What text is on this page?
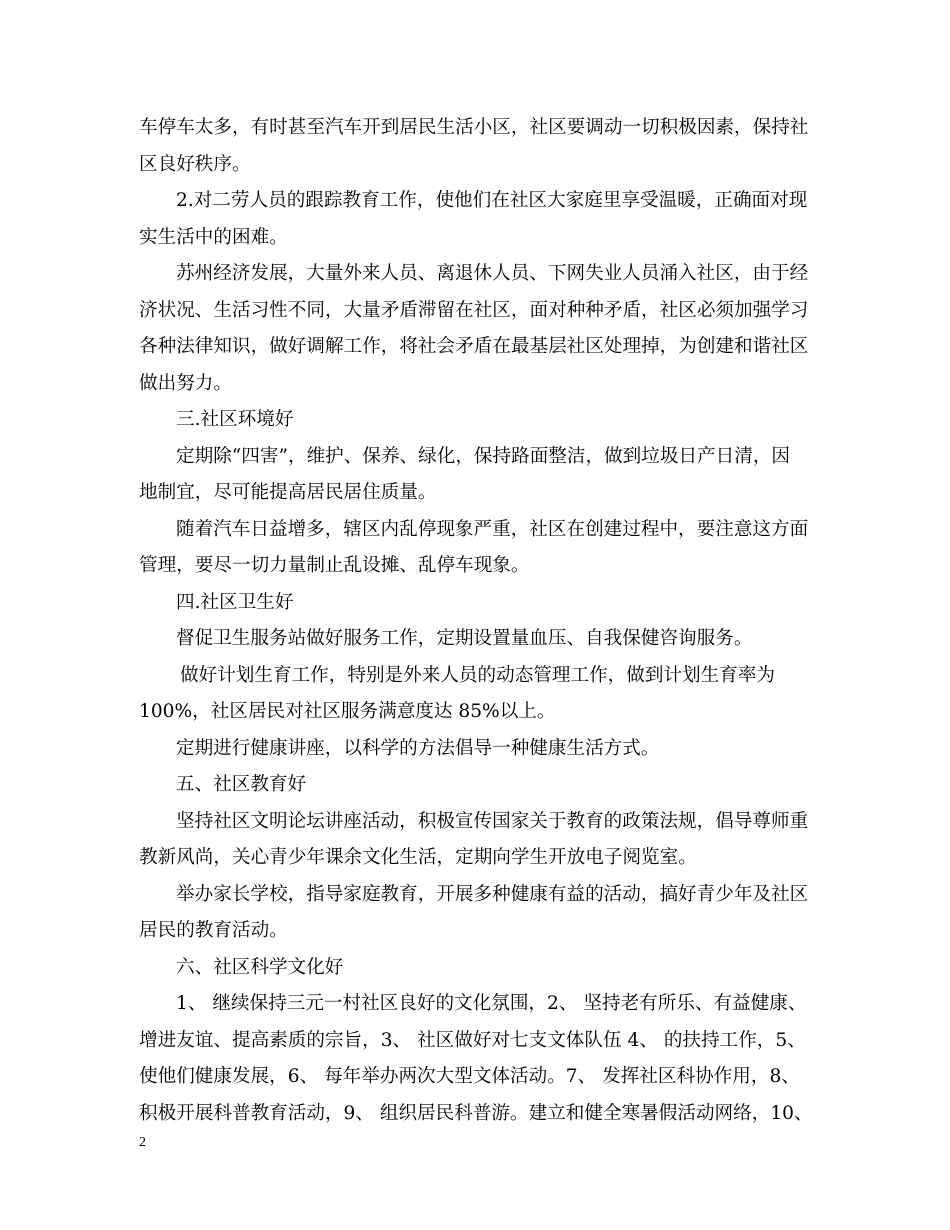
车停车太多，有时甚至汽车开到居民生活小区，社区要调动一切积极因素，保持社
区良好秩序。
2.对二劳人员的跟踪教育工作，使他们在社区大家庭里享受温暖，正确面对现
实生活中的困难。
苏州经济发展，大量外来人员、离退休人员、下网失业人员涌入社区，由于经
济状况、生活习性不同，大量矛盾滞留在社区，面对种种矛盾，社区必须加强学习
各种法律知识，做好调解工作，将社会矛盾在最基层社区处理掉，为创建和谐社区
做出努力。
三.社区环境好
定期除“四害”，维护、保养、绿化，保持路面整洁，做到垃圾日产日清，因
地制宜，尽可能提高居民居住质量。
随着汽车日益增多，辖区内乱停现象严重，社区在创建过程中，要注意这方面
管理，要尽一切力量制止乱设摊、乱停车现象。
四.社区卫生好
督促卫生服务站做好服务工作，定期设置量血压、自我保健咨询服务。
做好计划生育工作，特别是外来人员的动态管理工作，做到计划生育率为
100%，社区居民对社区服务满意度达 85%以上。
定期进行健康讲座，以科学的方法倡导一种健康生活方式。
五、社区教育好
坚持社区文明论坛讲座活动，积极宣传国家关于教育的政策法规，倡导尊师重
教新风尚，关心青少年课余文化生活，定期向学生开放电子阅览室。
举办家长学校，指导家庭教育，开展多种健康有益的活动，搞好青少年及社区
居民的教育活动。
六、社区科学文化好
1、 继续保持三元一村社区良好的文化氛围，2、 坚持老有所乐、有益健康、
增进友谊、提高素质的宗旨，3、 社区做好对七支文体队伍 4、 的扶持工作，5、
使他们健康发展，6、 每年举办两次大型文体活动。7、 发挥社区科协作用，8、
积极开展科普教育活动，9、 组织居民科普游。建立和健全寒暑假活动网络，10、
2
